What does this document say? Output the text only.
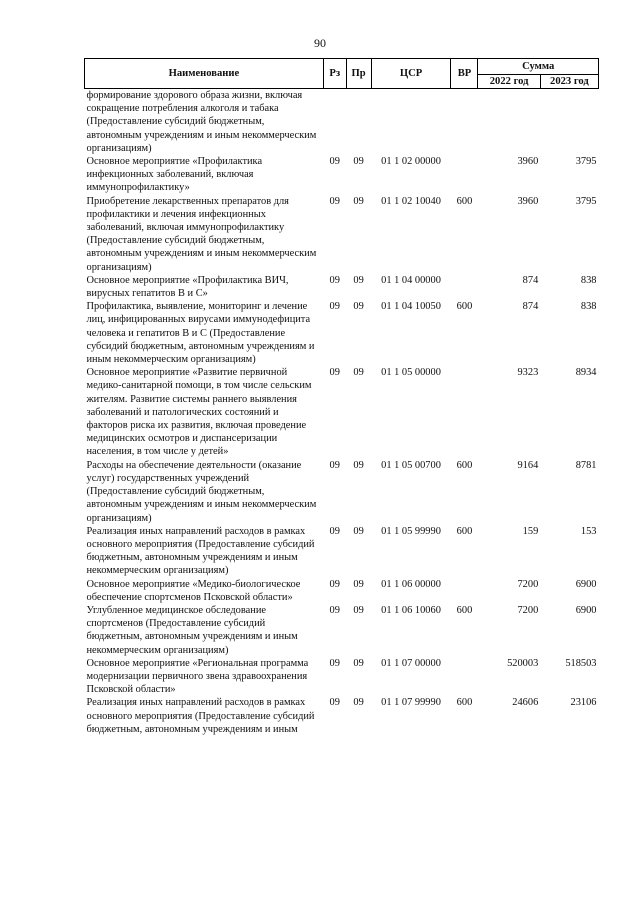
90
Наименование	Рз	Пр	ЦСР	ВР	Сумма	
					2022 год	2023 год
формирование здорового образа жизни, включая сокращение потребления алкоголя и табака (Предоставление субсидий бюджетным, автономным учреждениям и иным некоммерческим организациям)						
Основное мероприятие «Профилактика инфекционных заболеваний, включая иммунопрофилактику»	09	09	01 1 02 00000		3960	3795
Приобретение лекарственных препаратов для профилактики и лечения инфекционных заболеваний, включая иммунопрофилактику (Предоставление субсидий бюджетным, автономным учреждениям и иным некоммерческим организациям)	09	09	01 1 02 10040	600	3960	3795
Основное мероприятие «Профилактика ВИЧ, вирусных гепатитов В и С»	09	09	01 1 04 00000		874	838
Профилактика, выявление, мониторинг и лечение лиц, инфицированных вирусами иммунодефицита человека и гепатитов В и С (Предоставление субсидий бюджетным, автономным учреждениям и иным некоммерческим организациям)	09	09	01 1 04 10050	600	874	838
Основное мероприятие «Развитие первичной медико-санитарной помощи, в том числе сельским жителям. Развитие системы раннего выявления заболеваний и патологических состояний и факторов риска их развития, включая проведение медицинских осмотров и диспансеризации населения, в том числе у детей»	09	09	01 1 05 00000		9323	8934
Расходы на обеспечение деятельности (оказание услуг) государственных учреждений (Предоставление субсидий бюджетным, автономным учреждениям и иным некоммерческим организациям)	09	09	01 1 05 00700	600	9164	8781
Реализация иных направлений расходов в рамках основного мероприятия (Предоставление субсидий бюджетным, автономным учреждениям и иным некоммерческим организациям)	09	09	01 1 05 99990	600	159	153
Основное мероприятие «Медико-биологическое обеспечение спортсменов Псковской области»	09	09	01 1 06 00000		7200	6900
Углубленное медицинское обследование спортсменов (Предоставление субсидий бюджетным, автономным учреждениям и иным некоммерческим организациям)	09	09	01 1 06 10060	600	7200	6900
Основное мероприятие «Региональная программа модернизации первичного звена здравоохранения Псковской области»	09	09	01 1 07 00000		520003	518503
Реализация иных направлений расходов в рамках основного мероприятия (Предоставление субсидий бюджетным, автономным учреждениям и иным	09	09	01 1 07 99990	600	24606	23106
